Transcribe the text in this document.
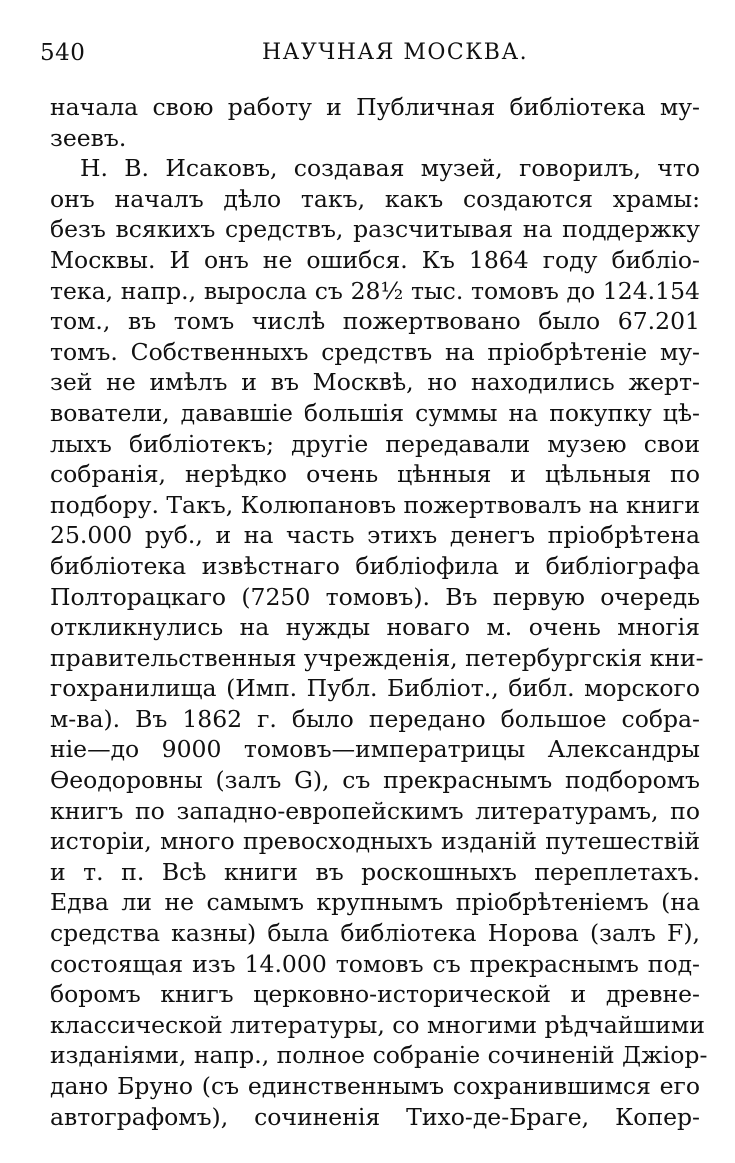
540	НАУЧНАЯ МОСКВА.
начала свою работу и Публичная библіотека му-
зеевъ.
Н. В. Исаковъ, создавая музей, говорилъ, что
онъ началъ дѣло такъ, какъ создаются храмы:
безъ всякихъ средствъ, разсчитывая на поддержку
Москвы. И онъ не ошибся. Къ 1864 году библіо-
тека, напр., выросла съ 28½ тыс. томовъ до 124.154
том., въ томъ числѣ пожертвовано было 67.201
томъ. Собственныхъ средствъ на пріобрѣтеніе му-
зей не имѣлъ и въ Москвѣ, но находились жерт-
вователи, дававшіе большія суммы на покупку цѣ-
лыхъ библіотекъ; другіе передавали музею свои
собранія, нерѣдко очень цѣнныя и цѣльныя по
подбору. Такъ, Колюпановъ пожертвовалъ на книги
25.000 руб., и на часть этихъ денегъ пріобрѣтена
библіотека извѣстнаго библіофила и библіографа
Полторацкаго (7250 томовъ). Въ первую очередь
откликнулись на нужды новаго м. очень многія
правительственныя учрежденія, петербургскія кни-
гохранилища (Имп. Публ. Библіот., библ. морского
м-ва). Въ 1862 г. было передано большое собра-
ніе—до 9000 томовъ—императрицы Александры
Ѳеодоровны (залъ G), съ прекраснымъ подборомъ
книгъ по западно-европейскимъ литературамъ, по
исторіи, много превосходныхъ изданій путешествій
и т. п. Всѣ книги въ роскошныхъ переплетахъ.
Едва ли не самымъ крупнымъ пріобрѣтеніемъ (на
средства казны) была библіотека Норова (залъ F),
состоящая изъ 14.000 томовъ съ прекраснымъ под-
боромъ книгъ церковно-исторической и древне-
классической литературы, со многими рѣдчайшими
изданіями, напр., полное собраніе сочиненій Джіор-
дано Бруно (съ единственнымъ сохранившимся его
автографомъ), сочиненія Тихо-де-Браге, Копер-
